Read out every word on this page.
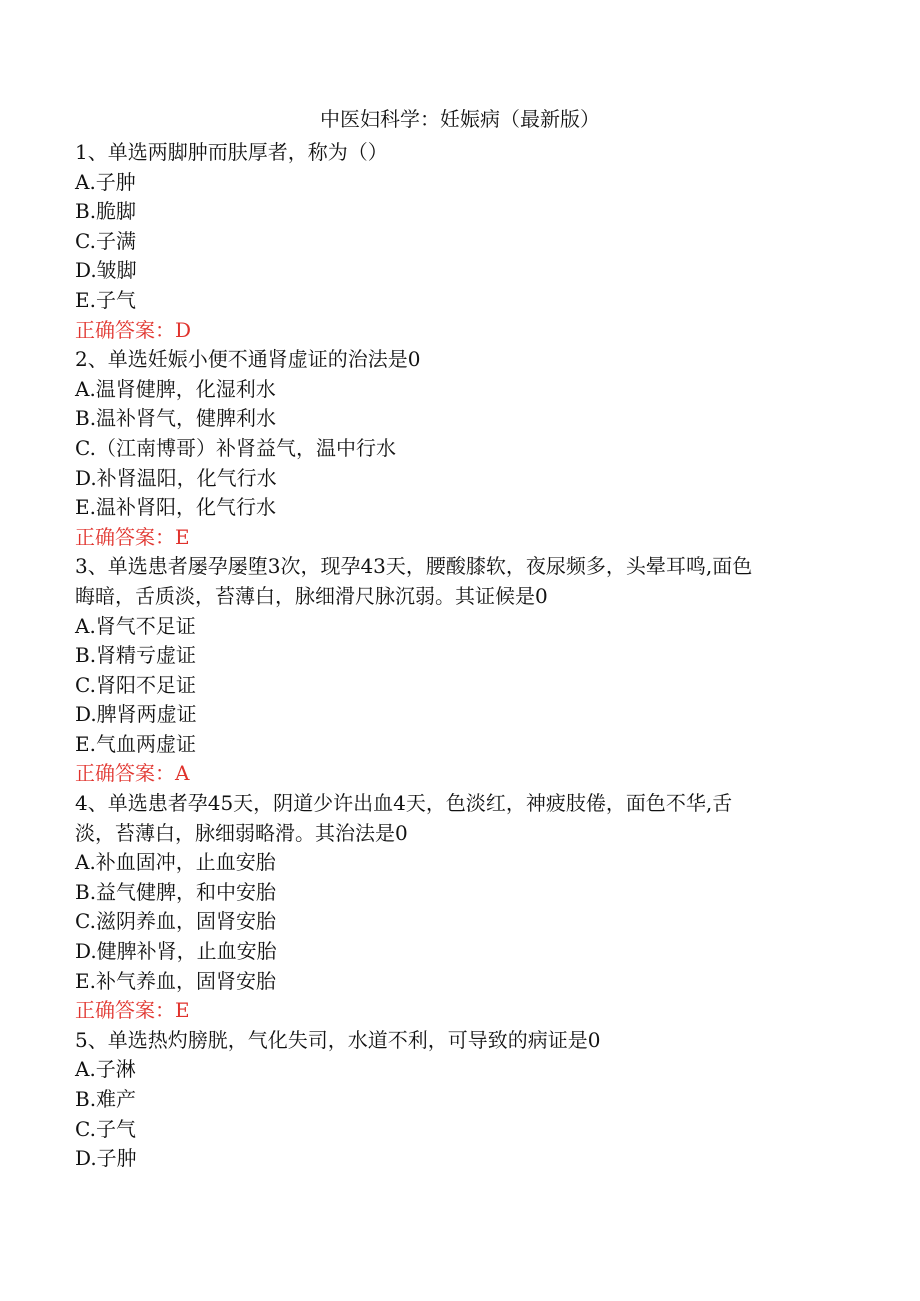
中医妇科学：妊娠病（最新版）
1、单选两脚肿而肤厚者，称为（）
A.子肿
B.脆脚
C.子满
D.皱脚
E.子气
正确答案：D
2、单选妊娠小便不通肾虚证的治法是0
A.温肾健脾，化湿利水
B.温补肾气，健脾利水
C.（江南博哥）补肾益气，温中行水
D.补肾温阳，化气行水
E.温补肾阳，化气行水
正确答案：E
3、单选患者屡孕屡堕3次，现孕43天，腰酸膝软，夜尿频多，头晕耳鸣,面色
晦暗，舌质淡，苔薄白，脉细滑尺脉沉弱。其证候是0
A.肾气不足证
B.肾精亏虚证
C.肾阳不足证
D.脾肾两虚证
E.气血两虚证
正确答案：A
4、单选患者孕45天，阴道少许出血4天，色淡红，神疲肢倦，面色不华,舌
淡，苔薄白，脉细弱略滑。其治法是0
A.补血固冲，止血安胎
B.益气健脾，和中安胎
C.滋阴养血，固肾安胎
D.健脾补肾，止血安胎
E.补气养血，固肾安胎
正确答案：E
5、单选热灼膀胱，气化失司，水道不利，可导致的病证是0
A.子淋
B.难产
C.子气
D.子肿
